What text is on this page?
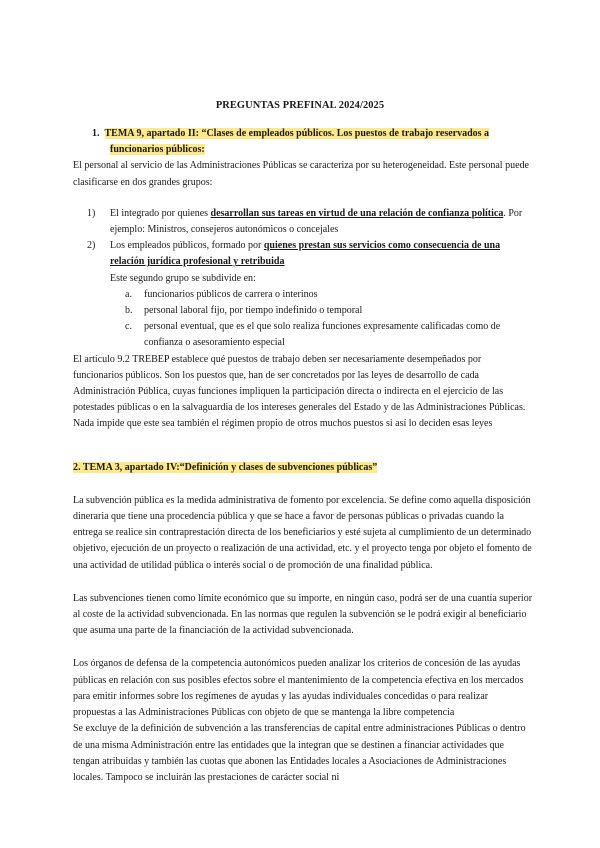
PREGUNTAS PREFINAL 2024/2025

1. TEMA 9, apartado II: “Clases de empleados públicos. Los puestos de trabajo reservados a funcionarios públicos:

El personal al servicio de las Administraciones Públicas se caracteriza por su heterogeneidad. Este personal puede clasificarse en dos grandes grupos:

1) El integrado por quienes desarrollan sus tareas en virtud de una relación de confianza política. Por ejemplo: Ministros, consejeros autonómicos o concejales
2) Los empleados públicos, formado por quienes prestan sus servicios como consecuencia de una relación jurídica profesional y retribuida
Este segundo grupo se subdivide en:
a. funcionarios públicos de carrera o interinos
b. personal laboral fijo, por tiempo indefinido o temporal
c. personal eventual, que es el que solo realiza funciones expresamente calificadas como de confianza o asesoramiento especial

El artículo 9.2 TREBEP establece qué puestos de trabajo deben ser necesariamente desempeñados por funcionarios públicos. Son los puestos que, han de ser concretados por las leyes de desarrollo de cada Administración Pública, cuyas funciones impliquen la participación directa o indirecta en el ejercicio de las potestades públicas o en la salvaguardia de los intereses generales del Estado y de las Administraciones Públicas. Nada impide que este sea también el régimen propio de otros muchos puestos si así lo deciden esas leyes

2. TEMA 3, apartado IV:“Definición y clases de subvenciones públicas”

La subvención pública es la medida administrativa de fomento por excelencia. Se define como aquella disposición dineraria que tiene una procedencia pública y que se hace a favor de personas públicas o privadas cuando la entrega se realice sin contraprestación directa de los beneficiarios y esté sujeta al cumplimiento de un determinado objetivo, ejecución de un proyecto o realización de una actividad, etc. y el proyecto tenga por objeto el fomento de una actividad de utilidad pública o interés social o de promoción de una finalidad pública.

Las subvenciones tienen como límite económico que su importe, en ningún caso, podrá ser de una cuantía superior al coste de la actividad subvencionada. En las normas que regulen la subvención se le podrá exigir al beneficiario que asuma una parte de la financiación de la actividad subvencionada.

Los órganos de defensa de la competencia autonómicos pueden analizar los criterios de concesión de las ayudas públicas en relación con sus posibles efectos sobre el mantenimiento de la competencia efectiva en los mercados para emitir informes sobre los regímenes de ayudas y las ayudas individuales concedidas o para realizar propuestas a las Administraciones Públicas con objeto de que se mantenga la libre competencia

Se excluye de la definición de subvención a las transferencias de capital entre administraciones Públicas o dentro de una misma Administración entre las entidades que la integran que se destinen a financiar actividades que tengan atribuidas y también las cuotas que abonen las Entidades locales a Asociaciones de Administraciones locales. Tampoco se incluirán las prestaciones de carácter social ni
